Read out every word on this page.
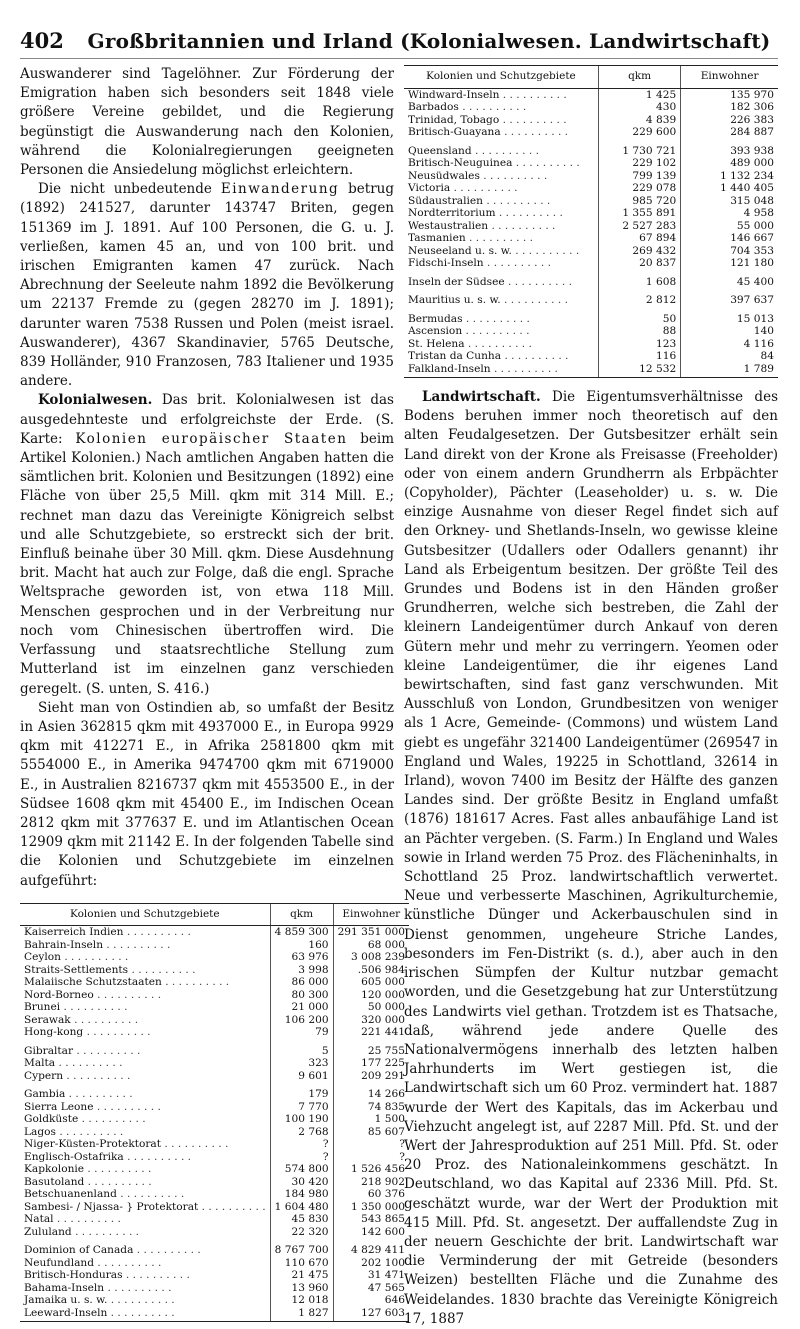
402	Großbritannien und Irland (Kolonialwesen. Landwirtschaft)

Auswanderer sind Tagelöhner. Zur Förderung der Emigration haben sich besonders seit 1848 viele größere Vereine gebildet, und die Regierung begünstigt die Auswanderung nach den Kolonien, während die Kolonialregierungen geeigneten Personen die Ansiedelung möglichst erleichtern.

Die nicht unbedeutende Einwanderung betrug (1892) 241527, darunter 143747 Briten, gegen 151369 im J. 1891. Auf 100 Personen, die G. u. J. verließen, kamen 45 an, und von 100 brit. und irischen Emigranten kamen 47 zurück. Nach Abrechnung der Seeleute nahm 1892 die Bevölkerung um 22137 Fremde zu (gegen 28270 im J. 1891); darunter waren 7538 Russen und Polen (meist israel. Auswanderer), 4367 Skandinavier, 5765 Deutsche, 839 Holländer, 910 Franzosen, 783 Italiener und 1935 andere.

Kolonialwesen. Das brit. Kolonialwesen ist das ausgedehnteste und erfolgreichste der Erde. (S. Karte: Kolonien europäischer Staaten beim Artikel Kolonien.) Nach amtlichen Angaben hatten die sämtlichen brit. Kolonien und Besitzungen (1892) eine Fläche von über 25,5 Mill. qkm mit 314 Mill. E.; rechnet man dazu das Vereinigte Königreich selbst und alle Schutzgebiete, so erstreckt sich der brit. Einfluß beinahe über 30 Mill. qkm. Diese Ausdehnung brit. Macht hat auch zur Folge, daß die engl. Sprache Weltsprache geworden ist, von etwa 118 Mill. Menschen gesprochen und in der Verbreitung nur noch vom Chinesischen übertroffen wird. Die Verfassung und staatsrechtliche Stellung zum Mutterland ist im einzelnen ganz verschieden geregelt. (S. unten, S. 416.)

Sieht man von Ostindien ab, so umfaßt der Besitz in Asien 362815 qkm mit 4937000 E., in Europa 9929 qkm mit 412271 E., in Afrika 2581800 qkm mit 5554000 E., in Amerika 9474700 qkm mit 6719000 E., in Australien 8216737 qkm mit 4553500 E., in der Südsee 1608 qkm mit 45400 E., im Indischen Ocean 2812 qkm mit 377637 E. und im Atlantischen Ocean 12909 qkm mit 21142 E. In der folgenden Tabelle sind die Kolonien und Schutzgebiete im einzelnen aufgeführt:

Kolonien und Schutzgebiete	qkm	Einwohner
Kaiserreich Indien . . .	4 859 300	291 351 000
Bahrain-Inseln . . .	160	68 000
Ceylon . . .	63 976	3 008 239
Straits-Settlements . . .	3 998	.506 984
Malaiische Schutzstaaten . . .	86 000	605 000
Nord-Borneo . . .	80 300	120 000
Brunei . . .	21 000	50 000
Serawak . . .	106 200	320 000
Hong-kong . . .	79	221 441
Gibraltar . . .	5	25 755
Malta . . .	323	177 225
Cypern . . .	9 601	209 291
Gambia . . .	179	14 266
Sierra Leone . . .	7 770	74 835
Goldküste . . .	100 190	1 500
Lagos . . .	2 768	85 607
Niger-Küsten-Protektorat . . .	?	?
Englisch-Ostafrika . . .	?	?
Kapkolonie . . .	574 800	1 526 456
Basutoland . . .	30 420	218 902
Betschuanenland . . .	184 980	60 376
Sambesi- / Njassa- } Protektorat . . .	1 604 480	1 350 000
Natal . . .	45 830	543 865
Zululand . . .	22 320	142 600
Dominion of Canada . . .	8 767 700	4 829 411
Neufundland . . .	110 670	202 100
Britisch-Honduras . . .	21 475	31 471
Bahama-Inseln . . .	13 960	47 565
Jamaika u. s. w. . . .	12 018	646
Leeward-Inseln . . .	1 827	127 603
Kolonien und Schutzgebiete	qkm	Einwohner
Windward-Inseln . . .	1 425	135 970
Barbados . . .	430	182 306
Trinidad, Tobago . . .	4 839	226 383
Britisch-Guayana . . .	229 600	284 887
Queensland . . .	1 730 721	393 938
Britisch-Neuguinea . . .	229 102	489 000
Neusüdwales . . .	799 139	1 132 234
Victoria . . .	229 078	1 440 405
Südaustralien . . .	985 720	315 048
Nordterritorium . . .	1 355 891	4 958
Westaustralien . . .	2 527 283	55 000
Tasmanien . . .	67 894	146 667
Neuseeland u. s. w. . . .	269 432	704 353
Fidschi-Inseln . . .	20 837	121 180
Inseln der Südsee . . .	1 608	45 400
Mauritius u. s. w. . . .	2 812	397 637
Bermudas . . .	50	15 013
Ascension . . .	88	140
St. Helena . . .	123	4 116
Tristan da Cunha . . .	116	84
Falkland-Inseln . . .	12 532	1 789

Landwirtschaft. Die Eigentumsverhältnisse des Bodens beruhen immer noch theoretisch auf den alten Feudalgesetzen. Der Gutsbesitzer erhält sein Land direkt von der Krone als Freisasse (Freeholder) oder von einem andern Grundherrn als Erbpächter (Copyholder), Pächter (Leaseholder) u. s. w. Die einzige Ausnahme von dieser Regel findet sich auf den Orkney- und Shetlands-Inseln, wo gewisse kleine Gutsbesitzer (Udallers oder Odallers genannt) ihr Land als Erbeigentum besitzen. Der größte Teil des Grundes und Bodens ist in den Händen großer Grundherren, welche sich bestreben, die Zahl der kleinern Landeigentümer durch Ankauf von deren Gütern mehr und mehr zu verringern. Yeomen oder kleine Landeigentümer, die ihr eigenes Land bewirtschaften, sind fast ganz verschwunden. Mit Ausschluß von London, Grundbesitzen von weniger als 1 Acre, Gemeinde- (Commons) und wüstem Land giebt es ungefähr 321400 Landeigentümer (269547 in England und Wales, 19225 in Schottland, 32614 in Irland), wovon 7400 im Besitz der Hälfte des ganzen Landes sind. Der größte Besitz in England umfaßt (1876) 181617 Acres. Fast alles anbaufähige Land ist an Pächter vergeben. (S. Farm.) In England und Wales sowie in Irland werden 75 Proz. des Flächeninhalts, in Schottland 25 Proz. landwirtschaftlich verwertet. Neue und verbesserte Maschinen, Agrikulturchemie, künstliche Dünger und Ackerbauschulen sind in Dienst genommen, ungeheure Striche Landes, besonders im Fen-Distrikt (s. d.), aber auch in den irischen Sümpfen der Kultur nutzbar gemacht worden, und die Gesetzgebung hat zur Unterstützung des Landwirts viel gethan. Trotzdem ist es Thatsache, daß, während jede andere Quelle des Nationalvermögens innerhalb des letzten halben Jahrhunderts im Wert gestiegen ist, die Landwirtschaft sich um 60 Proz. vermindert hat. 1887 wurde der Wert des Kapitals, das im Ackerbau und Viehzucht angelegt ist, auf 2287 Mill. Pfd. St. und der Wert der Jahresproduktion auf 251 Mill. Pfd. St. oder 20 Proz. des Nationaleinkommens geschätzt. In Deutschland, wo das Kapital auf 2336 Mill. Pfd. St. geschätzt wurde, war der Wert der Produktion mit 415 Mill. Pfd. St. angesetzt. Der auffallendste Zug in der neuern Geschichte der brit. Landwirtschaft war die Verminderung der mit Getreide (besonders Weizen) bestellten Fläche und die Zunahme des Weidelandes. 1830 brachte das Vereinigte Königreich 17, 1887
